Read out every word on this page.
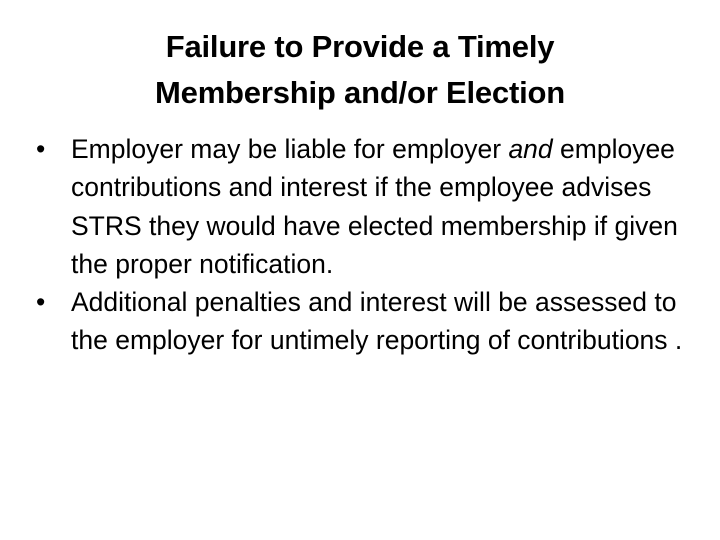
Failure to Provide a Timely
Membership and/or Election
• Employer may be liable for employer and employee contributions and interest if the employee advises STRS they would have elected membership if given the proper notification.
• Additional penalties and interest will be assessed to the employer for untimely reporting of contributions .
